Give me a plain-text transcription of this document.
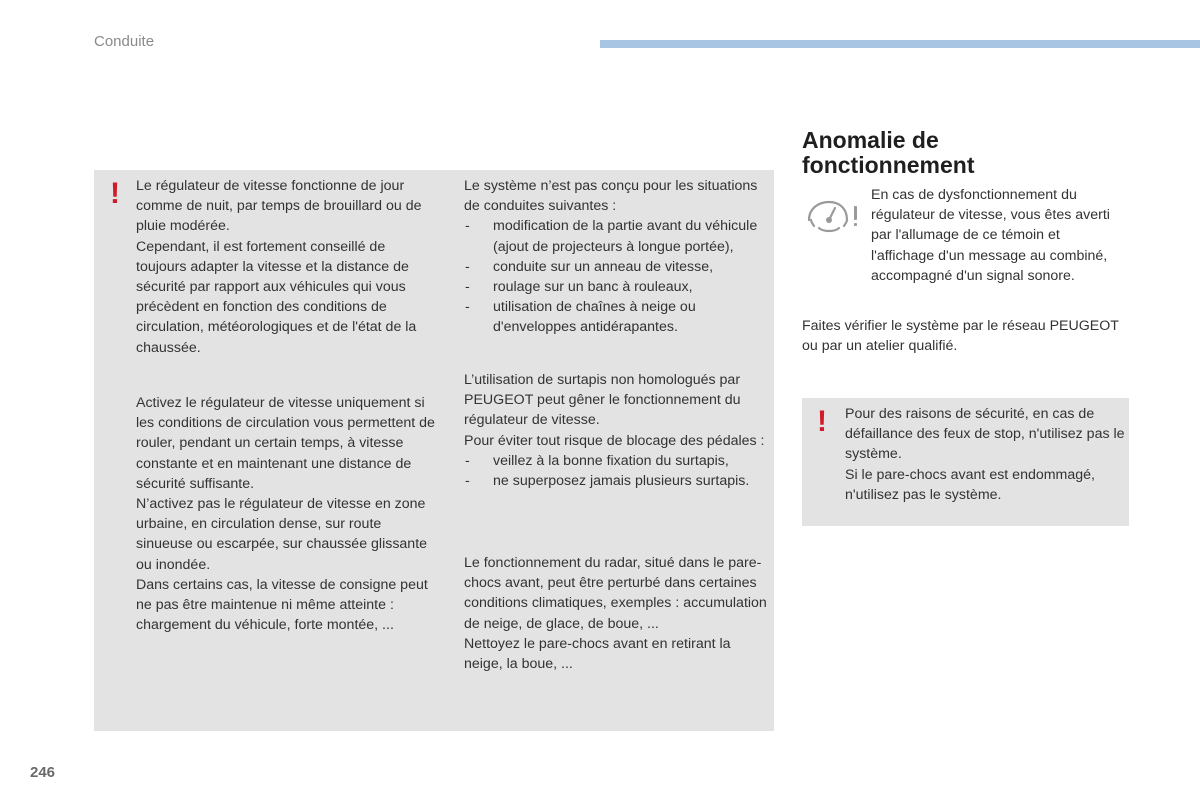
Conduite
! Le régulateur de vitesse fonctionne de jour comme de nuit, par temps de brouillard ou de pluie modérée.

Cependant, il est fortement conseillé de toujours adapter la vitesse et la distance de sécurité par rapport aux véhicules qui vous précèdent en fonction des conditions de circulation, météorologiques et de l'état de la chaussée.

Activez le régulateur de vitesse uniquement si les conditions de circulation vous permettent de rouler, pendant un certain temps, à vitesse constante et en maintenant une distance de sécurité suffisante.

N’activez pas le régulateur de vitesse en zone urbaine, en circulation dense, sur route sinueuse ou escarpée, sur chaussée glissante ou inondée.

Dans certains cas, la vitesse de consigne peut ne pas être maintenue ni même atteinte : chargement du véhicule, forte montée, ...

Le système n’est pas conçu pour les situations de conduites suivantes :

- modification de la partie avant du véhicule (ajout de projecteurs à longue portée),
- conduite sur un anneau de vitesse,
- roulage sur un banc à rouleaux,
- utilisation de chaînes à neige ou d'enveloppes antidérapantes.

L’utilisation de surtapis non homologués par PEUGEOT peut gêner le fonctionnement du régulateur de vitesse.

Pour éviter tout risque de blocage des pédales :

- veillez à la bonne fixation du surtapis,
- ne superposez jamais plusieurs surtapis.

Le fonctionnement du radar, situé dans le pare-chocs avant, peut être perturbé dans certaines conditions climatiques, exemples : accumulation de neige, de glace, de boue, ...

Nettoyez le pare-chocs avant en retirant la neige, la boue, ...

Anomalie de
fonctionnement

En cas de dysfonctionnement du régulateur de vitesse, vous êtes averti par l'allumage de ce témoin et l'affichage d'un message au combiné, accompagné d'un signal sonore.

Faites vérifier le système par le réseau PEUGEOT ou par un atelier qualifié.

! Pour des raisons de sécurité, en cas de défaillance des feux de stop, n'utilisez pas le système.

Si le pare-chocs avant est endommagé, n'utilisez pas le système.

246
